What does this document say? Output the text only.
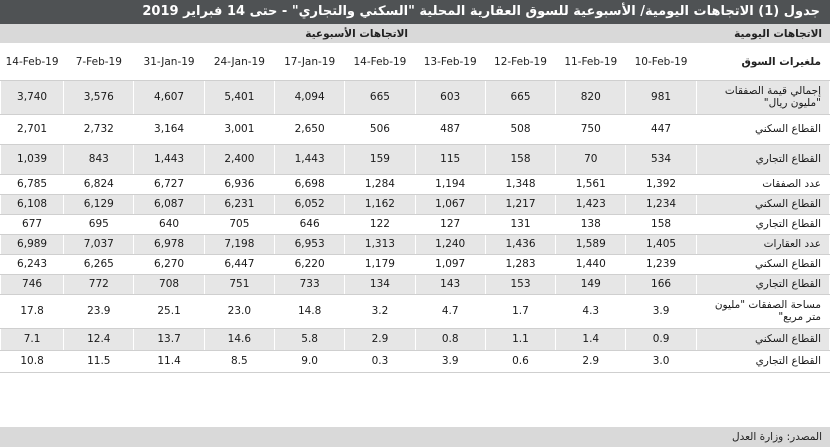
جدول (1) الاتجاهات اليومية/ الأسبوعية للسوق العقارية المحلية "السكني والتجاري" - حتى 14 فبراير 2019
الاتجاهات اليومية
الاتجاهات الأسبوعية
ملغيرات السوق	10-Feb-19	11-Feb-19	12-Feb-19	13-Feb-19	14-Feb-19	17-Jan-19	24-Jan-19	31-Jan-19	7-Feb-19	14-Feb-19
إجمالي قيمة الصفقات "مليون ريال"	981	820	665	603	665	4,094	5,401	4,607	3,576	3,740
القطاع السكني	447	750	508	487	506	2,650	3,001	3,164	2,732	2,701
القطاع التجاري	534	70	158	115	159	1,443	2,400	1,443	843	1,039
عدد الصفقات	1,392	1,561	1,348	1,194	1,284	6,698	6,936	6,727	6,824	6,785
القطاع السكني	1,234	1,423	1,217	1,067	1,162	6,052	6,231	6,087	6,129	6,108
القطاع التجاري	158	138	131	127	122	646	705	640	695	677
عدد العقارات	1,405	1,589	1,436	1,240	1,313	6,953	7,198	6,978	7,037	6,989
القطاع السكني	1,239	1,440	1,283	1,097	1,179	6,220	6,447	6,270	6,265	6,243
القطاع التجاري	166	149	153	143	134	733	751	708	772	746
مساحة الصفقات "مليون متر مربع"	3.9	4.3	1.7	4.7	3.2	14.8	23.0	25.1	23.9	17.8
القطاع السكني	0.9	1.4	1.1	0.8	2.9	5.8	14.6	13.7	12.4	7.1
القطاع التجاري	3.0	2.9	0.6	3.9	0.3	9.0	8.5	11.4	11.5	10.8
المصدر: وزارة العدل
